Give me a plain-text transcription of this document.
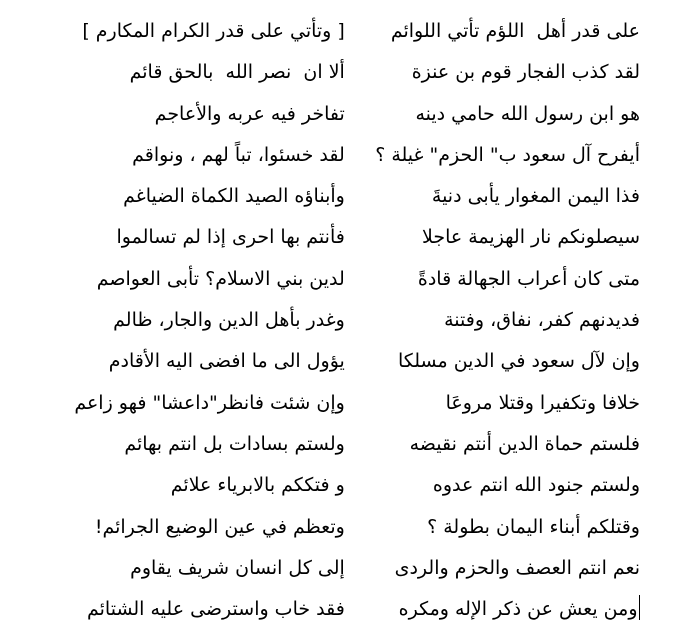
على قدر أهل  اللؤم تأتي اللوائم
[ وتأتي على قدر الكرام المكارم ]
لقد كذب الفجار قوم بن عنزة
ألا ان  نصر الله  بالحق قائم
هو ابن رسول الله حامي دينه
تفاخر فيه عربه والأعاجم
أيفرح آل سعود ب" الحزم" غيلة ؟
لقد خسئوا، تباً لهم ، ونواقم
فذا اليمن المغوار يأبى دنيةَ
وأبناؤه الصيد الكماة الضياغم
سيصلونكم نار الهزيمة عاجلا
فأنتم بها احرى إذا لم تسالموا
متى كان أعراب الجهالة قادةً
لدين بني الاسلام؟ تأبى العواصم
فديدنهم كفر، نفاق، وفتنة
وغدر بأهل الدين والجار، ظالم
وإن لآل سعود في الدين مسلكا
يؤول الى ما افضى اليه الأقادم
خلافا وتكفيرا وقتلا مروعَا
وإن شئت فانظر"داعشا" فهو زاعم
فلستم حماة الدين أنتم نقيضه
ولستم بسادات بل انتم بهائم
ولستم جنود الله انتم عدوه
و فتككم بالابرياء علائم
وقتلكم أبناء اليمان بطولة ؟
وتعظم في عين الوضيع الجرائم!
نعم انتم العصف والحزم والردى
إلى كل انسان شريف يقاوم
ومن يعش عن ذكر الإله ومكره
فقد خاب واسترضى عليه الشتائم
